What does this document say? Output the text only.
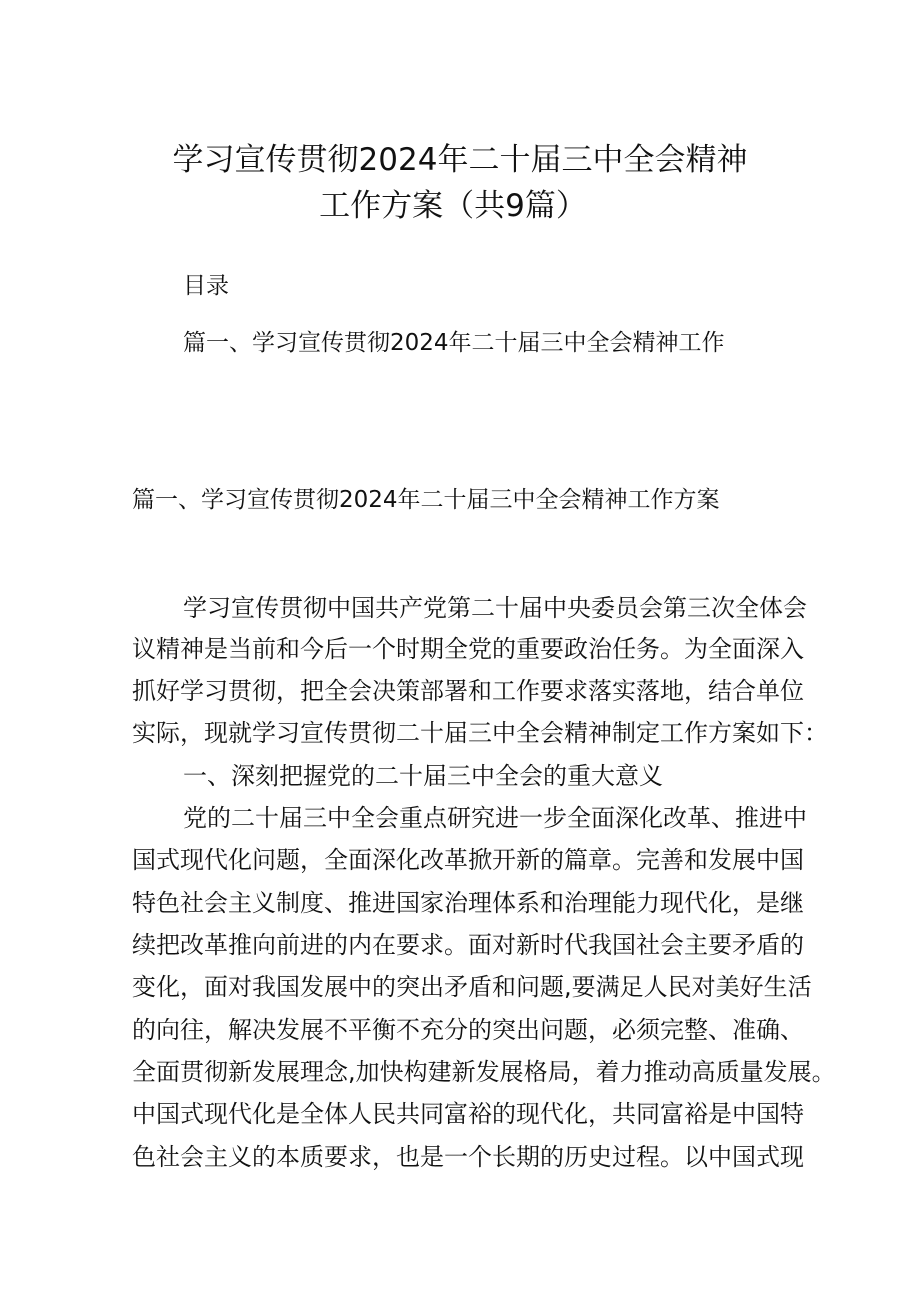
学习宣传贯彻2024年二十届三中全会精神
工作方案（共9篇）
目录
篇一、学习宣传贯彻2024年二十届三中全会精神工作
篇一、学习宣传贯彻2024年二十届三中全会精神工作方案
学习宣传贯彻中国共产党第二十届中央委员会第三次全体会
议精神是当前和今后一个时期全党的重要政治任务。为全面深入
抓好学习贯彻，把全会决策部署和工作要求落实落地，结合单位
实际，现就学习宣传贯彻二十届三中全会精神制定工作方案如下：
一、深刻把握党的二十届三中全会的重大意义
党的二十届三中全会重点研究进一步全面深化改革、推进中
国式现代化问题，全面深化改革掀开新的篇章。完善和发展中国
特色社会主义制度、推进国家治理体系和治理能力现代化，是继
续把改革推向前进的内在要求。面对新时代我国社会主要矛盾的
变化，面对我国发展中的突出矛盾和问题,要满足人民对美好生活
的向往，解决发展不平衡不充分的突出问题，必须完整、准确、
全面贯彻新发展理念,加快构建新发展格局，着力推动高质量发展。
中国式现代化是全体人民共同富裕的现代化，共同富裕是中国特
色社会主义的本质要求，也是一个长期的历史过程。以中国式现
